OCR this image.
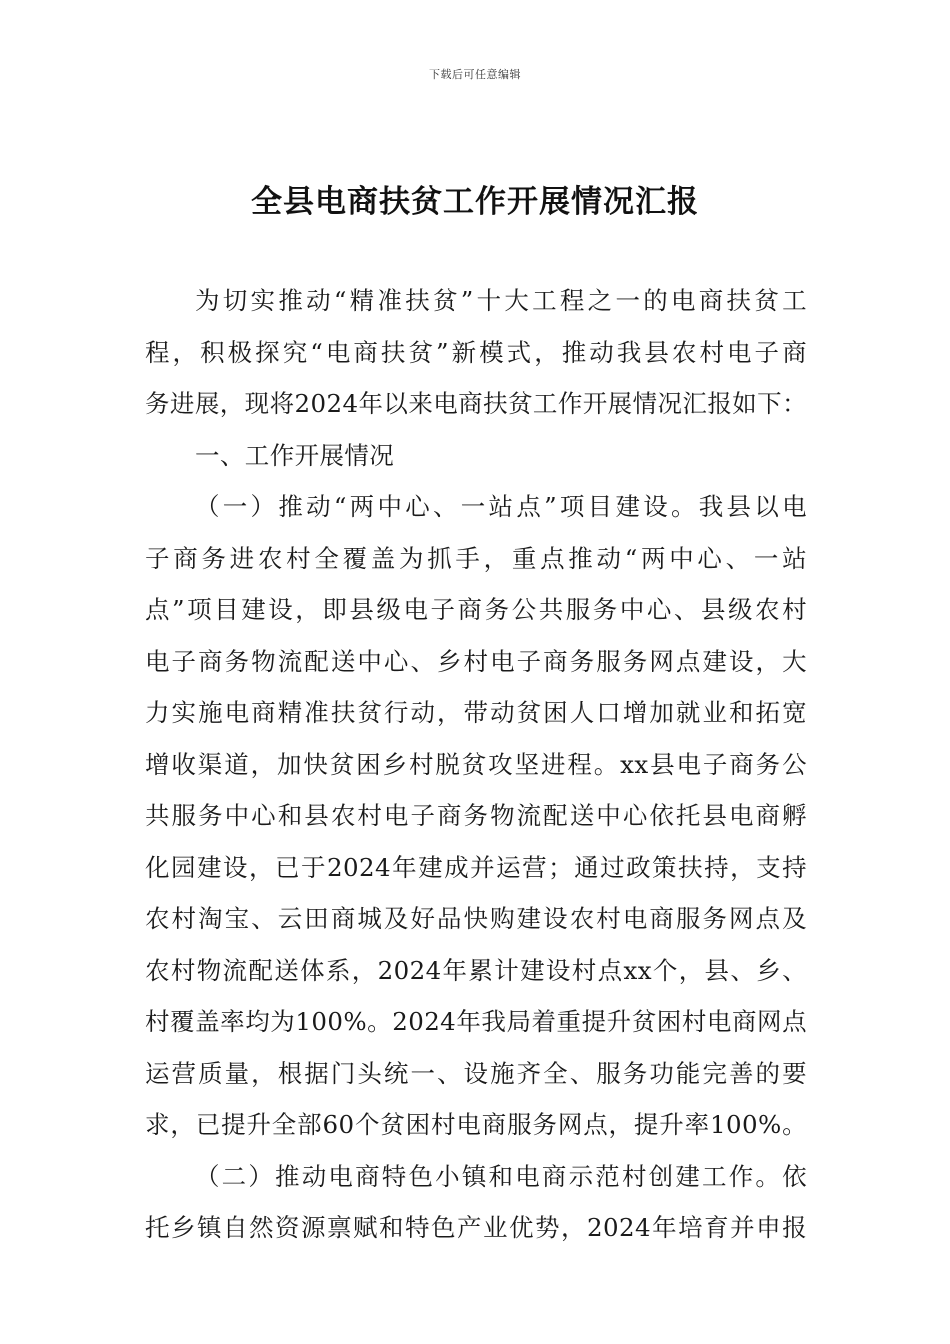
下载后可任意编辑
全县电商扶贫工作开展情况汇报
为切实推动“精准扶贫”十大工程之一的电商扶贫工
程，积极探究“电商扶贫”新模式，推动我县农村电子商
务进展，现将2024年以来电商扶贫工作开展情况汇报如下：
一、工作开展情况
（一）推动“两中心、一站点”项目建设。我县以电
子商务进农村全覆盖为抓手，重点推动“两中心、一站
点”项目建设，即县级电子商务公共服务中心、县级农村
电子商务物流配送中心、乡村电子商务服务网点建设，大
力实施电商精准扶贫行动，带动贫困人口增加就业和拓宽
增收渠道，加快贫困乡村脱贫攻坚进程。xx县电子商务公
共服务中心和县农村电子商务物流配送中心依托县电商孵
化园建设，已于2024年建成并运营；通过政策扶持，支持
农村淘宝、云田商城及好品快购建设农村电商服务网点及
农村物流配送体系，2024年累计建设村点xx个，县、乡、
村覆盖率均为100%。2024年我局着重提升贫困村电商网点
运营质量，根据门头统一、设施齐全、服务功能完善的要
求，已提升全部60个贫困村电商服务网点，提升率100%。
（二）推动电商特色小镇和电商示范村创建工作。依
托乡镇自然资源禀赋和特色产业优势，2024年培育并申报
